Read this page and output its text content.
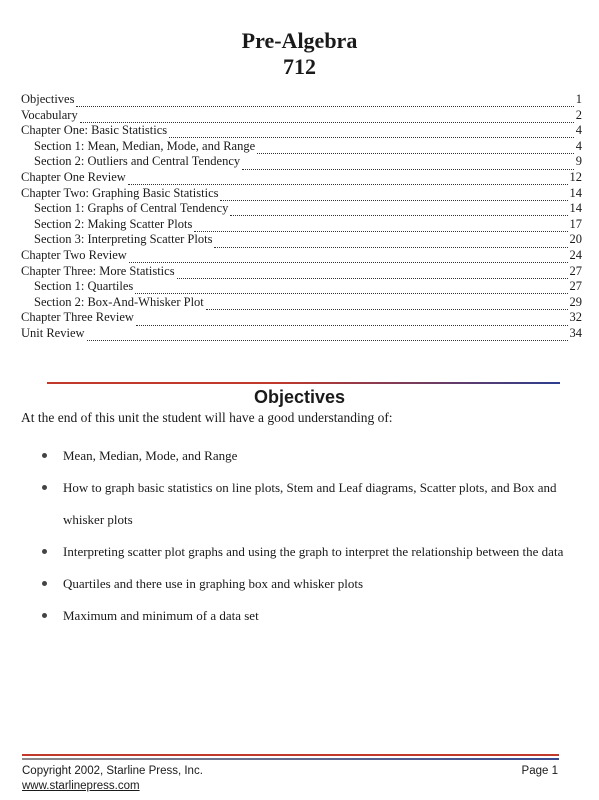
Pre-Algebra
712
Objectives	1
Vocabulary	2
Chapter One: Basic Statistics	4
Section 1: Mean, Median, Mode, and Range	4
Section 2: Outliers and Central Tendency	9
Chapter One Review	12
Chapter Two: Graphing Basic Statistics	14
Section 1: Graphs of Central Tendency	14
Section 2: Making Scatter Plots	17
Section 3: Interpreting Scatter Plots	20
Chapter Two Review	24
Chapter Three: More Statistics	27
Section 1: Quartiles	27
Section 2: Box-And-Whisker Plot	29
Chapter Three Review	32
Unit Review	34
Objectives
At the end of this unit the student will have a good understanding of:
Mean, Median, Mode, and Range
How to graph basic statistics on line plots, Stem and Leaf diagrams, Scatter plots, and Box and whisker plots
Interpreting scatter plot graphs and using the graph to interpret the relationship between the data
Quartiles and there use in graphing box and whisker plots
Maximum and minimum of a data set
Copyright 2002, Starline Press, Inc.
www.starlinepress.com
Page 1
